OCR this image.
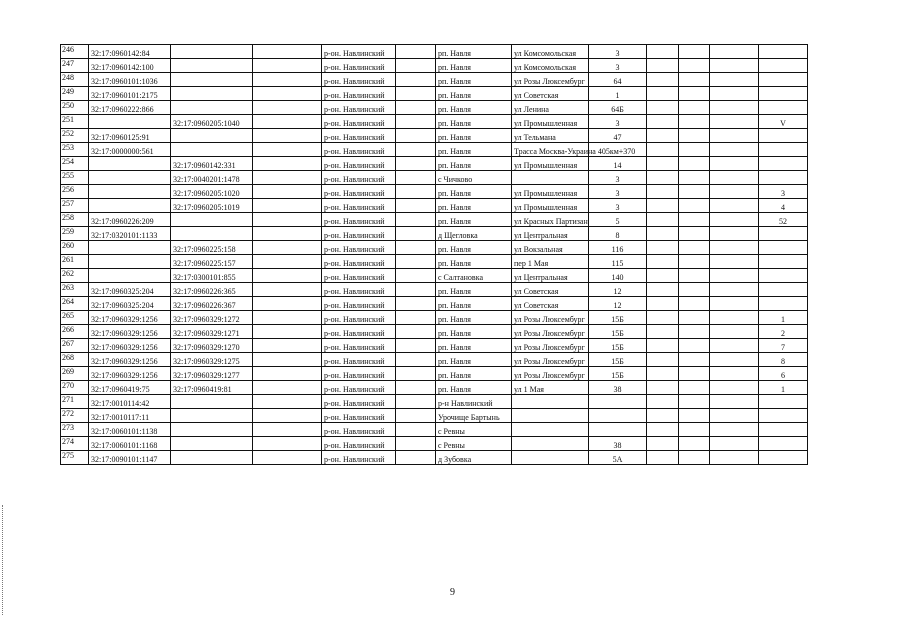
246	32:17:0960142:84			р-он. Навлинский		рп. Навля	ул Комсомольская	3				
247	32:17:0960142:100			р-он. Навлинский		рп. Навля	ул Комсомольская	3				
248	32:17:0960101:1036			р-он. Навлинский		рп. Навля	ул Розы Люксембург	64				
249	32:17:0960101:2175			р-он. Навлинский		рп. Навля	ул Советская	1				
250	32:17:0960222:866			р-он. Навлинский		рп. Навля	ул Ленина	64Б				
251		32:17:0960205:1040		р-он. Навлинский		рп. Навля	ул Промышленная	3				V
252	32:17:0960125:91			р-он. Навлинский		рп. Навля	ул Тельмана	47				
253	32:17:0000000:561			р-он. Навлинский		рп. Навля	Трасса Москва-Украина 405км+370					
254		32:17:0960142:331		р-он. Навлинский		рп. Навля	ул Промышленная	14				
255		32:17:0040201:1478		р-он. Навлинский		с Чичково		3				
256		32:17:0960205:1020		р-он. Навлинский		рп. Навля	ул Промышленная	3				3
257		32:17:0960205:1019		р-он. Навлинский		рп. Навля	ул Промышленная	3				4
258	32:17:0960226:209			р-он. Навлинский		рп. Навля	ул Красных Партизан	5				52
259	32:17:0320101:1133			р-он. Навлинский		д Щегловка	ул Центральная	8				
260		32:17:0960225:158		р-он. Навлинский		рп. Навля	ул Вокзальная	116				
261		32:17:0960225:157		р-он. Навлинский		рп. Навля	пер 1 Мая	115				
262		32:17:0300101:855		р-он. Навлинский		с Салтановка	ул Центральная	140				
263	32:17:0960325:204	32:17:0960226:365		р-он. Навлинский		рп. Навля	ул Советская	12				
264	32:17:0960325:204	32:17:0960226:367		р-он. Навлинский		рп. Навля	ул Советская	12				
265	32:17:0960329:1256	32:17:0960329:1272		р-он. Навлинский		рп. Навля	ул Розы Люксембург	15Б				1
266	32:17:0960329:1256	32:17:0960329:1271		р-он. Навлинский		рп. Навля	ул Розы Люксембург	15Б				2
267	32:17:0960329:1256	32:17:0960329:1270		р-он. Навлинский		рп. Навля	ул Розы Люксембург	15Б				7
268	32:17:0960329:1256	32:17:0960329:1275		р-он. Навлинский		рп. Навля	ул Розы Люксембург	15Б				8
269	32:17:0960329:1256	32:17:0960329:1277		р-он. Навлинский		рп. Навля	ул Розы Люксембург	15Б				6
270	32:17:0960419:75	32:17:0960419:81		р-он. Навлинский		рп. Навля	ул 1 Мая	38				1
271	32:17:0010114:42			р-он. Навлинский		р-н Навлинский						
272	32:17:0010117:11			р-он. Навлинский		Урочище Бартынь						
273	32:17:0060101:1138			р-он. Навлинский		с Ревны						
274	32:17:0060101:1168			р-он. Навлинский		с Ревны		38				
275	32:17:0090101:1147			р-он. Навлинский		д Зубовка		5А				
9
